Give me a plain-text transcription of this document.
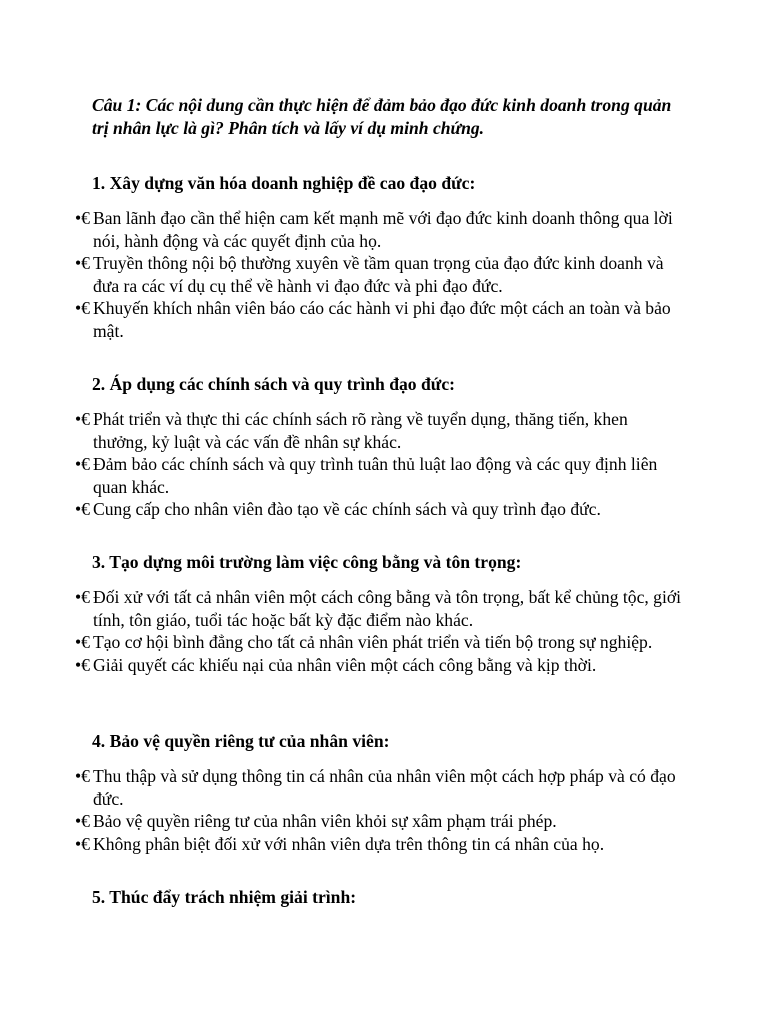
Câu 1: Các nội dung cần thực hiện để đảm bảo đạo đức kinh doanh trong quản trị nhân lực là gì? Phân tích và lấy ví dụ minh chứng.

1. Xây dựng văn hóa doanh nghiệp đề cao đạo đức:
•€ Ban lãnh đạo cần thể hiện cam kết mạnh mẽ với đạo đức kinh doanh thông qua lời nói, hành động và các quyết định của họ.
•€ Truyền thông nội bộ thường xuyên về tầm quan trọng của đạo đức kinh doanh và đưa ra các ví dụ cụ thể về hành vi đạo đức và phi đạo đức.
•€ Khuyến khích nhân viên báo cáo các hành vi phi đạo đức một cách an toàn và bảo mật.
2. Áp dụng các chính sách và quy trình đạo đức:
•€ Phát triển và thực thi các chính sách rõ ràng về tuyển dụng, thăng tiến, khen thưởng, kỷ luật và các vấn đề nhân sự khác.
•€ Đảm bảo các chính sách và quy trình tuân thủ luật lao động và các quy định liên quan khác.
•€ Cung cấp cho nhân viên đào tạo về các chính sách và quy trình đạo đức.
3. Tạo dựng môi trường làm việc công bằng và tôn trọng:
•€ Đối xử với tất cả nhân viên một cách công bằng và tôn trọng, bất kể chủng tộc, giới tính, tôn giáo, tuổi tác hoặc bất kỳ đặc điểm nào khác.
•€ Tạo cơ hội bình đẳng cho tất cả nhân viên phát triển và tiến bộ trong sự nghiệp.
•€ Giải quyết các khiếu nại của nhân viên một cách công bằng và kịp thời.
4. Bảo vệ quyền riêng tư của nhân viên:
•€ Thu thập và sử dụng thông tin cá nhân của nhân viên một cách hợp pháp và có đạo đức.
•€ Bảo vệ quyền riêng tư của nhân viên khỏi sự xâm phạm trái phép.
•€ Không phân biệt đối xử với nhân viên dựa trên thông tin cá nhân của họ.
5. Thúc đẩy trách nhiệm giải trình:
